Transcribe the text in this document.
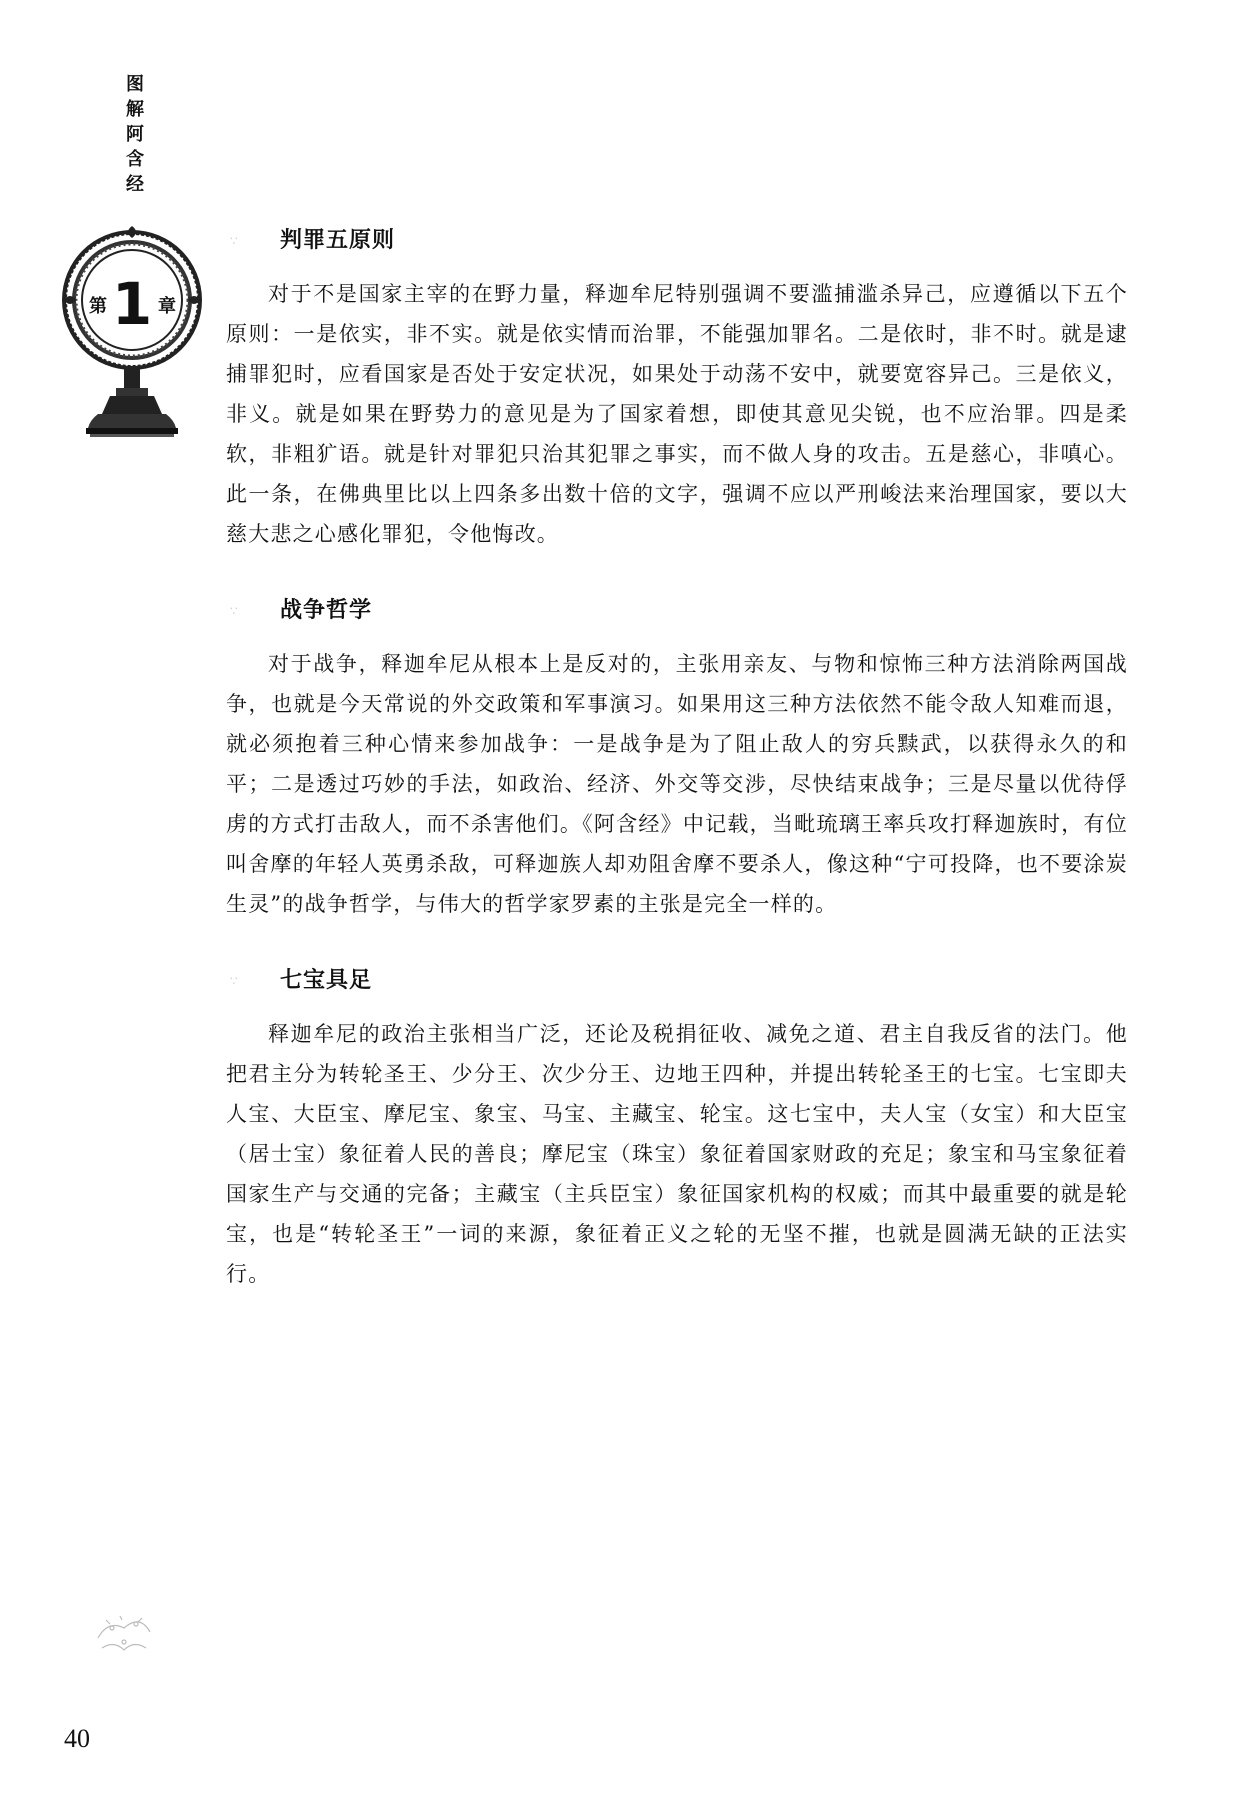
图
解
阿
含
经
第 1 章
∵	判罪五原则

对于不是国家主宰的在野力量，释迦牟尼特别强调不要滥捕滥杀异己，应遵循以下五个原则：一是依实，非不实。就是依实情而治罪，不能强加罪名。二是依时，非不时。就是逮捕罪犯时，应看国家是否处于安定状况，如果处于动荡不安中，就要宽容异己。三是依义，非义。就是如果在野势力的意见是为了国家着想，即使其意见尖锐，也不应治罪。四是柔软，非粗犷语。就是针对罪犯只治其犯罪之事实，而不做人身的攻击。五是慈心，非嗔心。此一条，在佛典里比以上四条多出数十倍的文字，强调不应以严刑峻法来治理国家，要以大慈大悲之心感化罪犯，令他悔改。

∵	战争哲学

对于战争，释迦牟尼从根本上是反对的，主张用亲友、与物和惊怖三种方法消除两国战争，也就是今天常说的外交政策和军事演习。如果用这三种方法依然不能令敌人知难而退，就必须抱着三种心情来参加战争：一是战争是为了阻止敌人的穷兵黩武，以获得永久的和平；二是透过巧妙的手法，如政治、经济、外交等交涉，尽快结束战争；三是尽量以优待俘虏的方式打击敌人，而不杀害他们。《阿含经》中记载，当毗琉璃王率兵攻打释迦族时，有位叫舍摩的年轻人英勇杀敌，可释迦族人却劝阻舍摩不要杀人，像这种“宁可投降，也不要涂炭生灵”的战争哲学，与伟大的哲学家罗素的主张是完全一样的。

∵	七宝具足

释迦牟尼的政治主张相当广泛，还论及税捐征收、减免之道、君主自我反省的法门。他把君主分为转轮圣王、少分王、次少分王、边地王四种，并提出转轮圣王的七宝。七宝即夫人宝、大臣宝、摩尼宝、象宝、马宝、主藏宝、轮宝。这七宝中，夫人宝（女宝）和大臣宝（居士宝）象征着人民的善良；摩尼宝（珠宝）象征着国家财政的充足；象宝和马宝象征着国家生产与交通的完备；主藏宝（主兵臣宝）象征国家机构的权威；而其中最重要的就是轮宝，也是“转轮圣王”一词的来源，象征着正义之轮的无坚不摧，也就是圆满无缺的正法实行。

40
